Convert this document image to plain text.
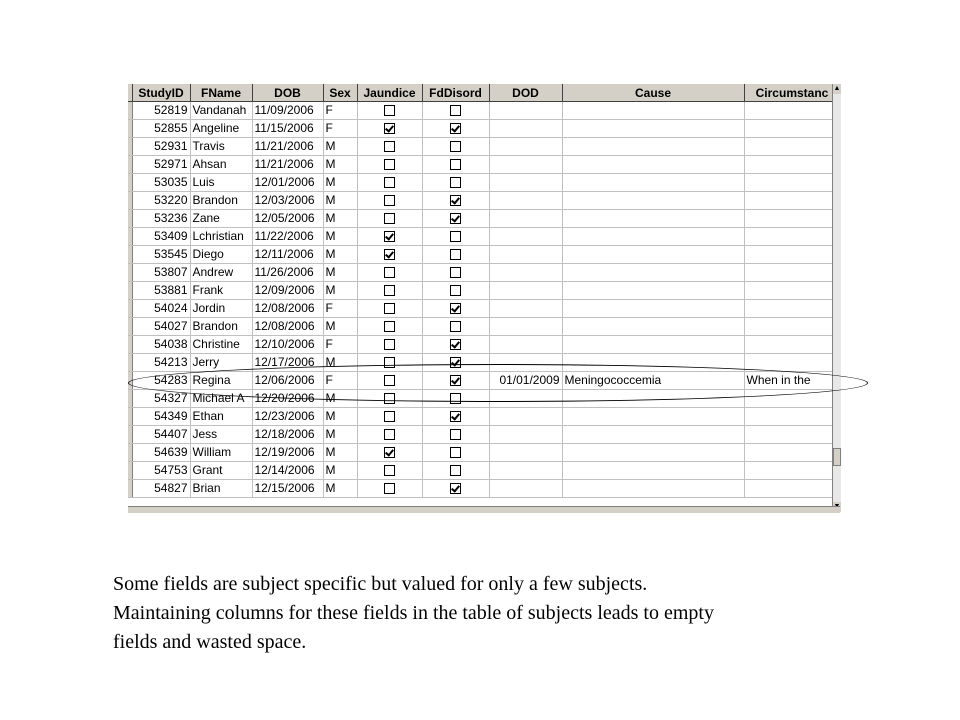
	StudyID	FName	DOB	Sex	Jaundice	FdDisord	DOD	Cause	Circumstanc
	52819	Vandanah	11/09/2006	F					
	52855	Angeline	11/15/2006	F					
	52931	Travis	11/21/2006	M					
	52971	Ahsan	11/21/2006	M					
	53035	Luis	12/01/2006	M					
	53220	Brandon	12/03/2006	M					
	53236	Zane	12/05/2006	M					
	53409	Lchristian	11/22/2006	M					
	53545	Diego	12/11/2006	M					
	53807	Andrew	11/26/2006	M					
	53881	Frank	12/09/2006	M					
	54024	Jordin	12/08/2006	F					
	54027	Brandon	12/08/2006	M					
	54038	Christine	12/10/2006	F					
	54213	Jerry	12/17/2006	M					
	54283	Regina	12/06/2006	F			01/01/2009	Meningococcemia	When in the
	54327	Michael A	12/20/2006	M					
	54349	Ethan	12/23/2006	M					
	54407	Jess	12/18/2006	M					
	54639	William	12/19/2006	M					
	54753	Grant	12/14/2006	M					
	54827	Brian	12/15/2006	M					
▲

Some fields are subject specific but valued for only a few subjects.

Maintaining columns for these fields in the table of subjects leads to empty

fields and wasted space.
